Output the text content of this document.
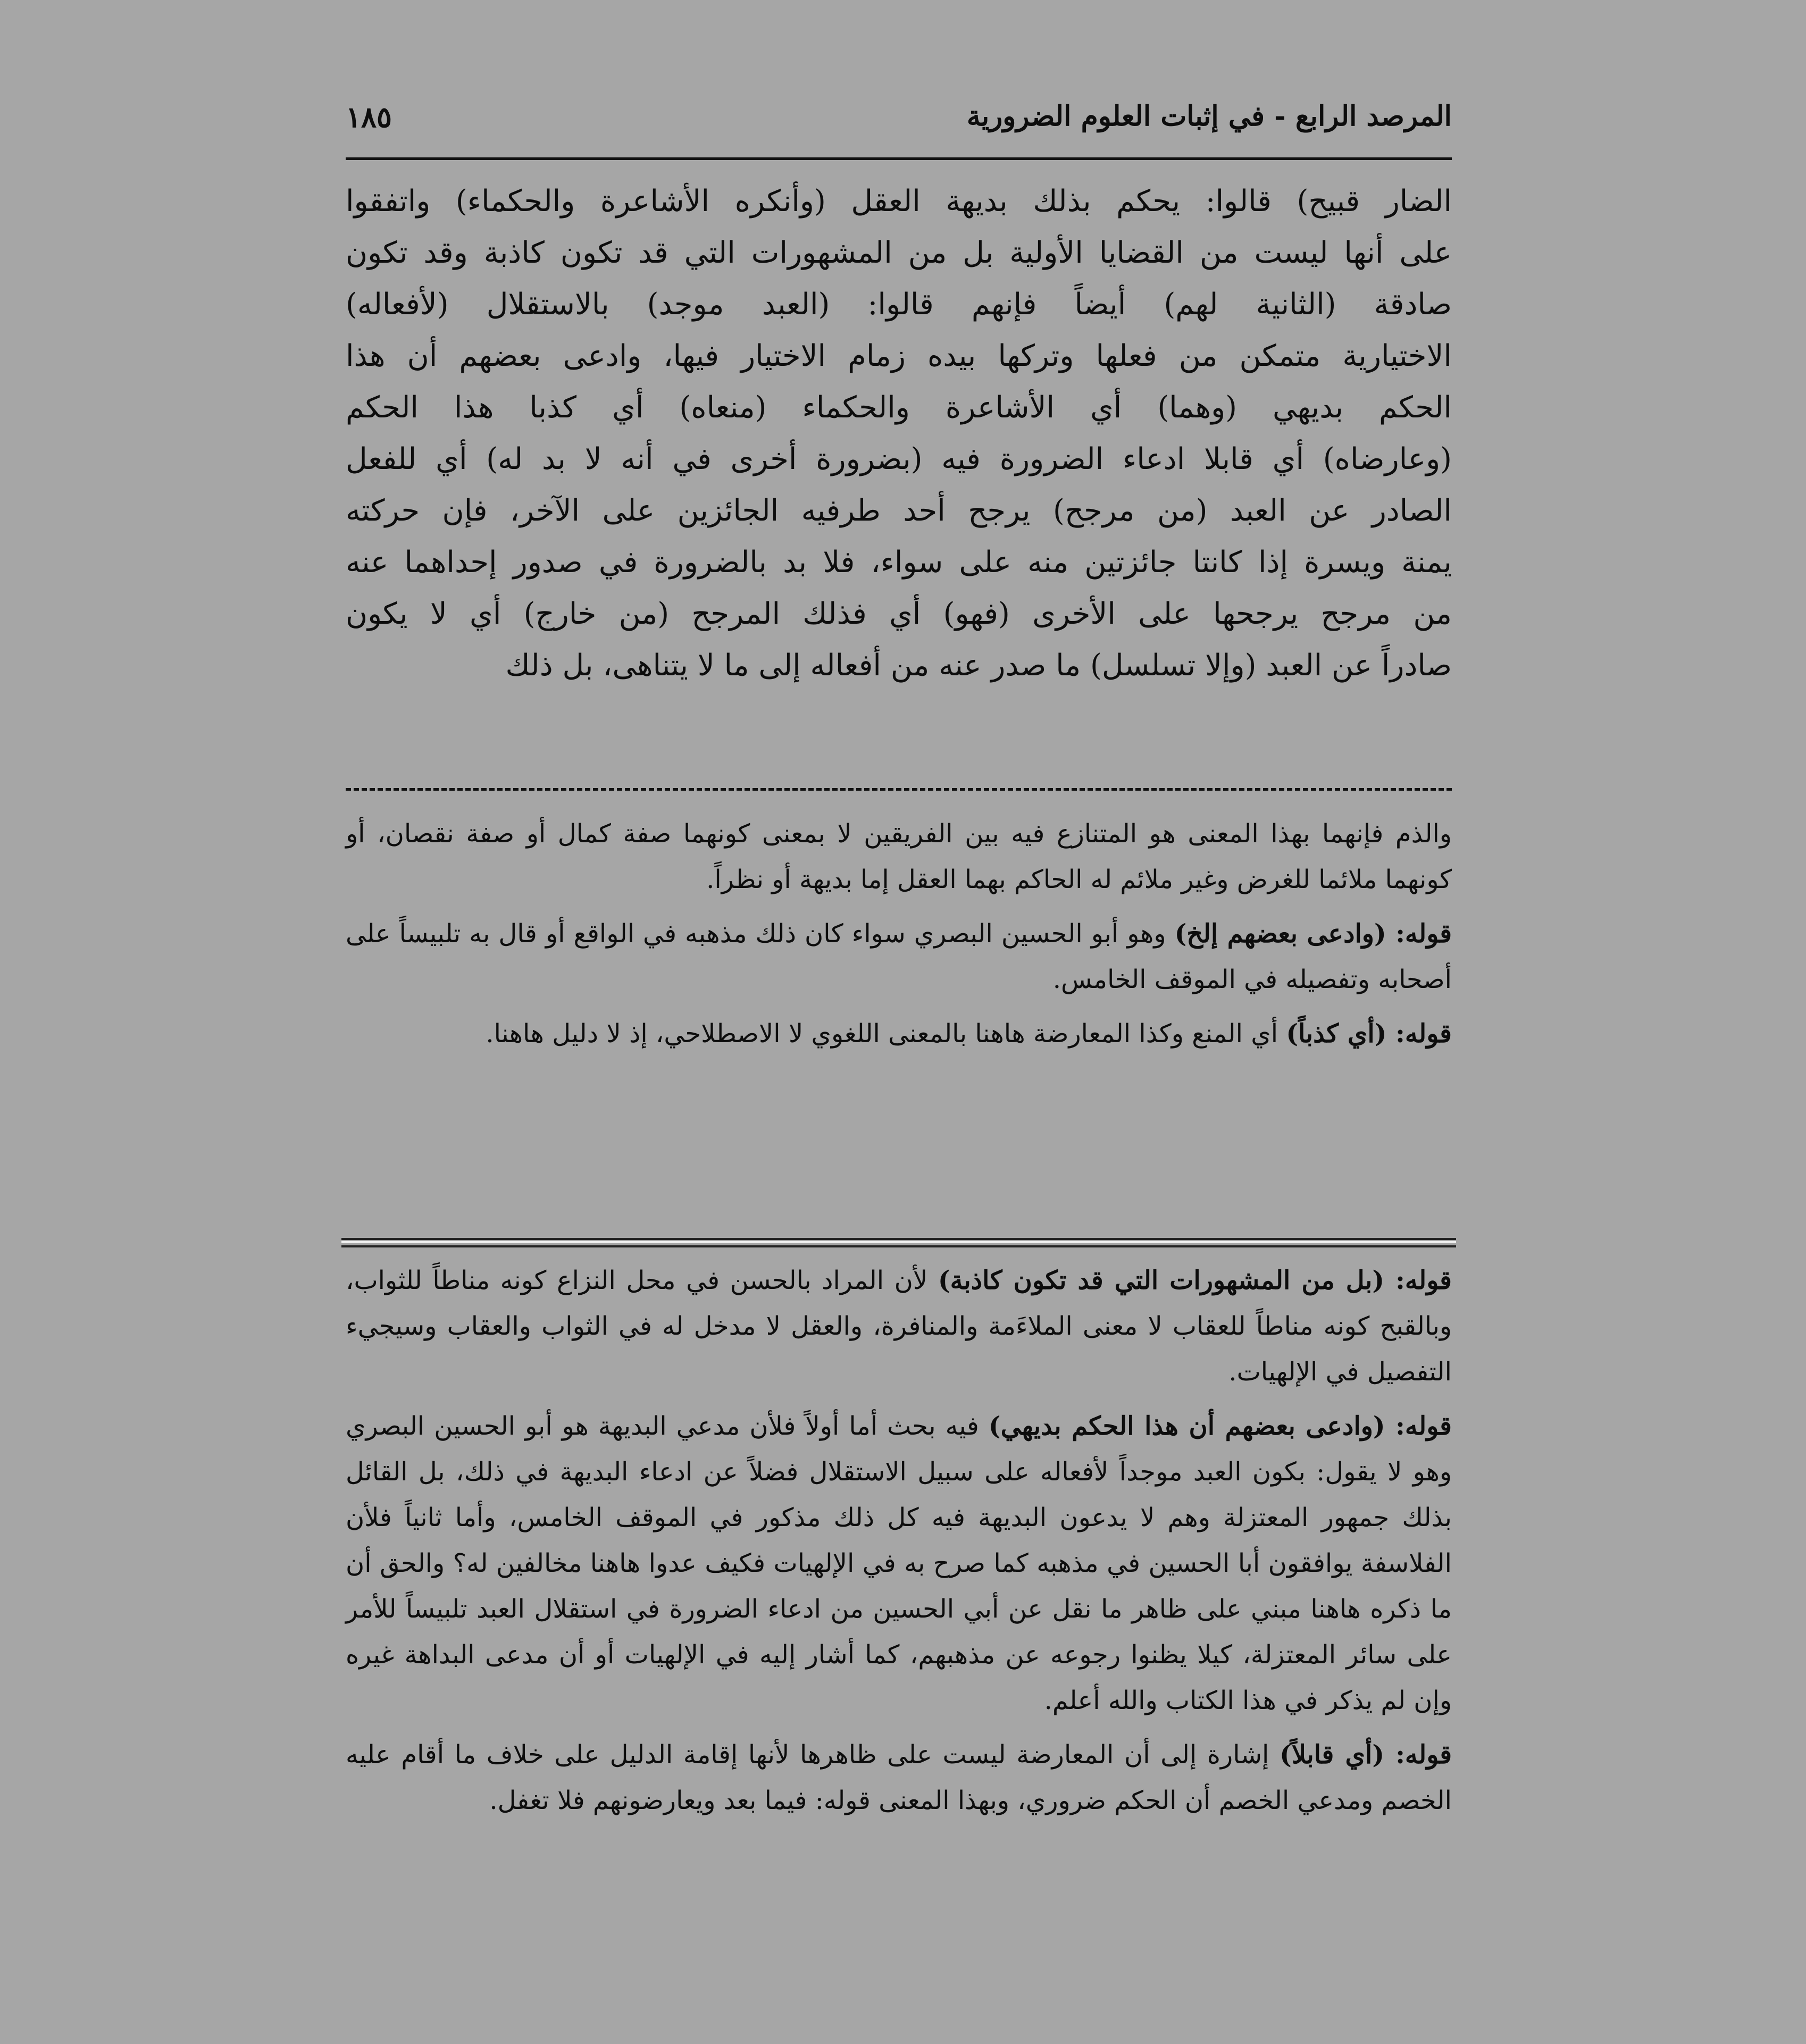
المرصد الرابع - في إثبات العلوم الضرورية
١٨٥

الضار قبيح) قالوا: يحكم بذلك بديهة العقل (وأنكره الأشاعرة والحكماء) واتفقوا

على أنها ليست من القضايا الأولية بل من المشهورات التي قد تكون كاذبة وقد تكون

صادقة (الثانية لهم) أيضاً فإنهم قالوا: (العبد موجد) بالاستقلال (لأفعاله)

الاختيارية متمكن من فعلها وتركها بيده زمام الاختيار فيها، وادعى بعضهم أن هذا

الحكم بديهي (وهما) أي الأشاعرة والحكماء (منعاه) أي كذبا هذا الحكم

(وعارضاه) أي قابلا ادعاء الضرورة فيه (بضرورة أخرى في أنه لا بد له) أي للفعل

الصادر عن العبد (من مرجح) يرجح أحد طرفيه الجائزين على الآخر، فإن حركته

يمنة ويسرة إذا كانتا جائزتين منه على سواء، فلا بد بالضرورة في صدور إحداهما عنه

من مرجح يرجحها على الأخرى (فهو) أي فذلك المرجح (من خارج) أي لا يكون

صادراً عن العبد (وإلا تسلسل) ما صدر عنه من أفعاله إلى ما لا يتناهى، بل ذلك

والذم فإنهما بهذا المعنى هو المتنازع فيه بين الفريقين لا بمعنى كونهما صفة كمال أو صفة نقصان، أو كونهما ملائما للغرض وغير ملائم له الحاكم بهما العقل إما بديهة أو نظراً.

قوله: (وادعى بعضهم إلخ) وهو أبو الحسين البصري سواء كان ذلك مذهبه في الواقع أو قال به تلبيساً على أصحابه وتفصيله في الموقف الخامس.

قوله: (أي كذباً) أي المنع وكذا المعارضة هاهنا بالمعنى اللغوي لا الاصطلاحي، إذ لا دليل هاهنا.

قوله: (بل من المشهورات التي قد تكون كاذبة) لأن المراد بالحسن في محل النزاع كونه مناطاً للثواب، وبالقبح كونه مناطاً للعقاب لا معنى الملاءَمة والمنافرة، والعقل لا مدخل له في الثواب والعقاب وسيجيء التفصيل في الإلهيات.

قوله: (وادعى بعضهم أن هذا الحكم بديهي) فيه بحث أما أولاً فلأن مدعي البديهة هو أبو الحسين البصري وهو لا يقول: بكون العبد موجداً لأفعاله على سبيل الاستقلال فضلاً عن ادعاء البديهة في ذلك، بل القائل بذلك جمهور المعتزلة وهم لا يدعون البديهة فيه كل ذلك مذكور في الموقف الخامس، وأما ثانياً فلأن الفلاسفة يوافقون أبا الحسين في مذهبه كما صرح به في الإلهيات فكيف عدوا هاهنا مخالفين له؟ والحق أن ما ذكره هاهنا مبني على ظاهر ما نقل عن أبي الحسين من ادعاء الضرورة في استقلال العبد تلبيساً للأمر على سائر المعتزلة، كيلا يظنوا رجوعه عن مذهبهم، كما أشار إليه في الإلهيات أو أن مدعى البداهة غيره وإن لم يذكر في هذا الكتاب والله أعلم.

قوله: (أي قابلاً) إشارة إلى أن المعارضة ليست على ظاهرها لأنها إقامة الدليل على خلاف ما أقام عليه الخصم ومدعي الخصم أن الحكم ضروري، وبهذا المعنى قوله: فيما بعد ويعارضونهم فلا تغفل.
